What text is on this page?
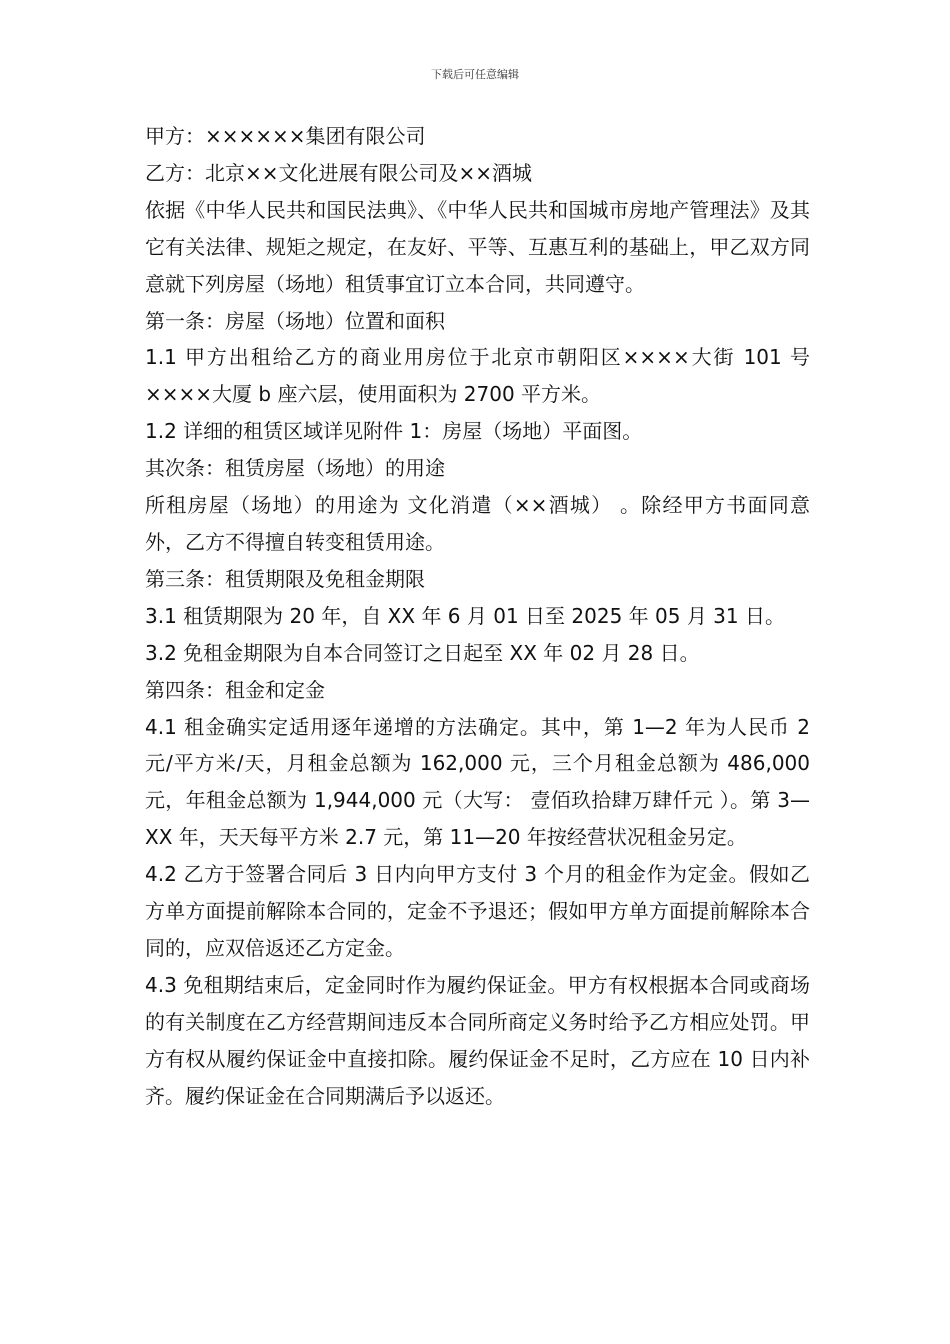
下载后可任意编辑

甲方：××××××集团有限公司

乙方：北京××文化进展有限公司及××酒城

依据《中华人民共和国民法典》、《中华人民共和国城市房地产管理法》及其它有关法律、规矩之规定，在友好、平等、互惠互利的基础上，甲乙双方同意就下列房屋（场地）租赁事宜订立本合同，共同遵守。

第一条：房屋（场地）位置和面积

1.1 甲方出租给乙方的商业用房位于北京市朝阳区××××大街 101 号××××大厦 b 座六层，使用面积为 2700 平方米。

1.2 详细的租赁区域详见附件 1：房屋（场地）平面图。

其次条：租赁房屋（场地）的用途

所租房屋（场地）的用途为 文化消遣（××酒城） 。除经甲方书面同意外，乙方不得擅自转变租赁用途。

第三条：租赁期限及免租金期限

3.1 租赁期限为 20 年，自 XX 年 6 月 01 日至 2025 年 05 月 31 日。

3.2 免租金期限为自本合同签订之日起至 XX 年 02 月 28 日。

第四条：租金和定金

4.1 租金确实定适用逐年递增的方法确定。其中，第 1—2 年为人民币 2 元/平方米/天，月租金总额为 162,000 元，三个月租金总额为 486,000 元，年租金总额为 1,944,000 元（大写： 壹佰玖拾肆万肆仟元 ）。第 3—XX 年，天天每平方米 2.7 元，第 11—20 年按经营状况租金另定。

4.2 乙方于签署合同后 3 日内向甲方支付 3 个月的租金作为定金。假如乙方单方面提前解除本合同的，定金不予退还；假如甲方单方面提前解除本合同的，应双倍返还乙方定金。

4.3 免租期结束后，定金同时作为履约保证金。甲方有权根据本合同或商场的有关制度在乙方经营期间违反本合同所商定义务时给予乙方相应处罚。甲方有权从履约保证金中直接扣除。履约保证金不足时，乙方应在 10 日内补齐。履约保证金在合同期满后予以返还。
